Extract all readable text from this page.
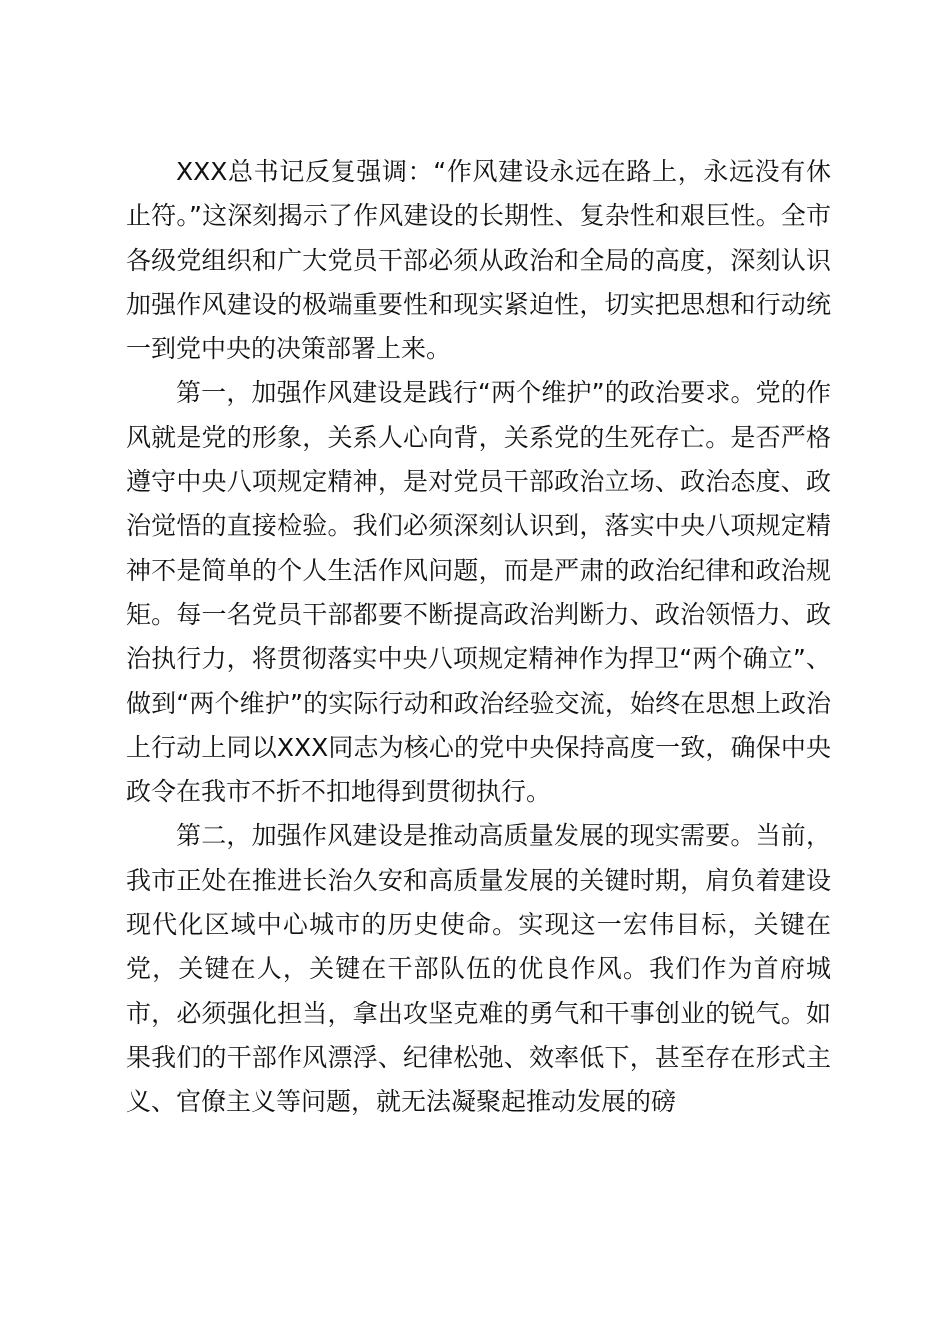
XXX总书记反复强调：“作风建设永远在路上，永远没有休止符。”这深刻揭示了作风建设的长期性、复杂性和艰巨性。全市各级党组织和广大党员干部必须从政治和全局的高度，深刻认识加强作风建设的极端重要性和现实紧迫性，切实把思想和行动统一到党中央的决策部署上来。

第一，加强作风建设是践行“两个维护”的政治要求。党的作风就是党的形象，关系人心向背，关系党的生死存亡。是否严格遵守中央八项规定精神，是对党员干部政治立场、政治态度、政治觉悟的直接检验。我们必须深刻认识到，落实中央八项规定精神不是简单的个人生活作风问题，而是严肃的政治纪律和政治规矩。每一名党员干部都要不断提高政治判断力、政治领悟力、政治执行力，将贯彻落实中央八项规定精神作为捍卫“两个确立”、做到“两个维护”的实际行动和政治经验交流，始终在思想上政治上行动上同以XXX同志为核心的党中央保持高度一致，确保中央政令在我市不折不扣地得到贯彻执行。

第二，加强作风建设是推动高质量发展的现实需要。当前，我市正处在推进长治久安和高质量发展的关键时期，肩负着建设现代化区域中心城市的历史使命。实现这一宏伟目标，关键在党，关键在人，关键在干部队伍的优良作风。我们作为首府城市，必须强化担当，拿出攻坚克难的勇气和干事创业的锐气。如果我们的干部作风漂浮、纪律松弛、效率低下，甚至存在形式主义、官僚主义等问题，就无法凝聚起推动发展的磅
